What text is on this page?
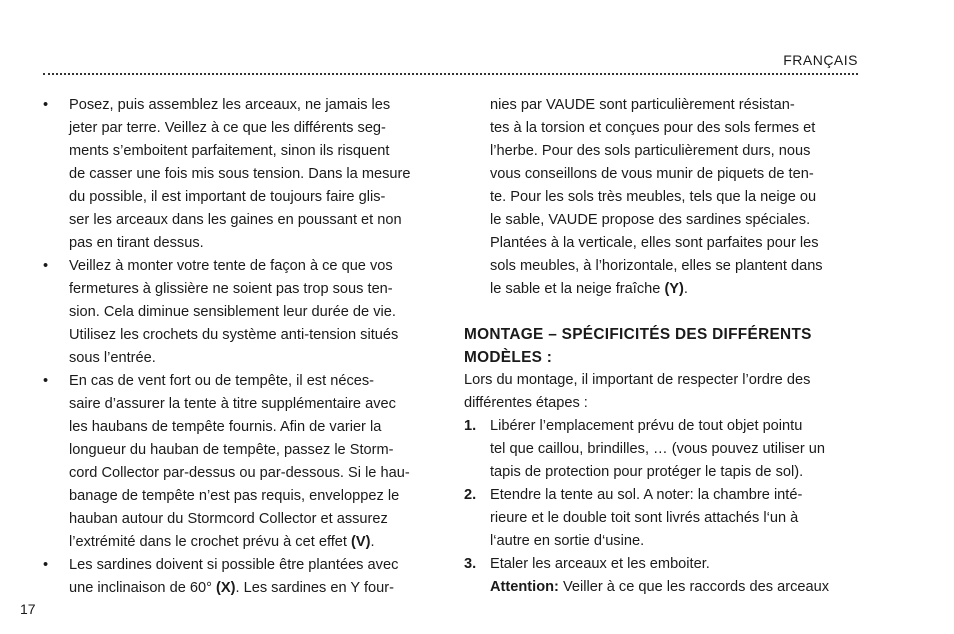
FRANÇAIS
• Posez, puis assemblez les arceaux, ne jamais les
jeter par terre. Veillez à ce que les différents seg-
ments s’emboitent parfaitement, sinon ils risquent
de casser une fois mis sous tension. Dans la mesure
du possible, il est important de toujours faire glis-
ser les arceaux dans les gaines en poussant et non
pas en tirant dessus.
• Veillez à monter votre tente de façon à ce que vos
fermetures à glissière ne soient pas trop sous ten-
sion. Cela diminue sensiblement leur durée de vie.
Utilisez les crochets du système anti-tension situés
sous l’entrée.
• En cas de vent fort ou de tempête, il est néces-
saire d’assurer la tente à titre supplémentaire avec
les haubans de tempête fournis. Afin de varier la
longueur du hauban de tempête, passez le Storm-
cord Collector par-dessus ou par-dessous. Si le hau-
banage de tempête n’est pas requis, enveloppez le
hauban autour du Stormcord Collector et assurez
l’extrémité dans le crochet prévu à cet effet (V).
• Les sardines doivent si possible être plantées avec
une inclinaison de 60° (X). Les sardines en Y four-
nies par VAUDE sont particulièrement résistan-
tes à la torsion et conçues pour des sols fermes et
l’herbe. Pour des sols particulièrement durs, nous
vous conseillons de vous munir de piquets de ten-
te. Pour les sols très meubles, tels que la neige ou
le sable, VAUDE propose des sardines spéciales.
Plantées à la verticale, elles sont parfaites pour les
sols meubles, à l’horizontale, elles se plantent dans
le sable et la neige fraîche (Y).
MONTAGE – SPÉCIFICITÉS DES DIFFÉRENTS
MODÈLES :
Lors du montage, il important de respecter l’ordre des
différentes étapes :
1. Libérer l’emplacement prévu de tout objet pointu
tel que caillou, brindilles, … (vous pouvez utiliser un
tapis de protection pour protéger le tapis de sol).
2. Etendre la tente au sol. A noter: la chambre inté-
rieure et le double toit sont livrés attachés l‘un à
l‘autre en sortie d‘usine.
3. Etaler les arceaux et les emboiter.
Attention: Veiller à ce que les raccords des arceaux
17
